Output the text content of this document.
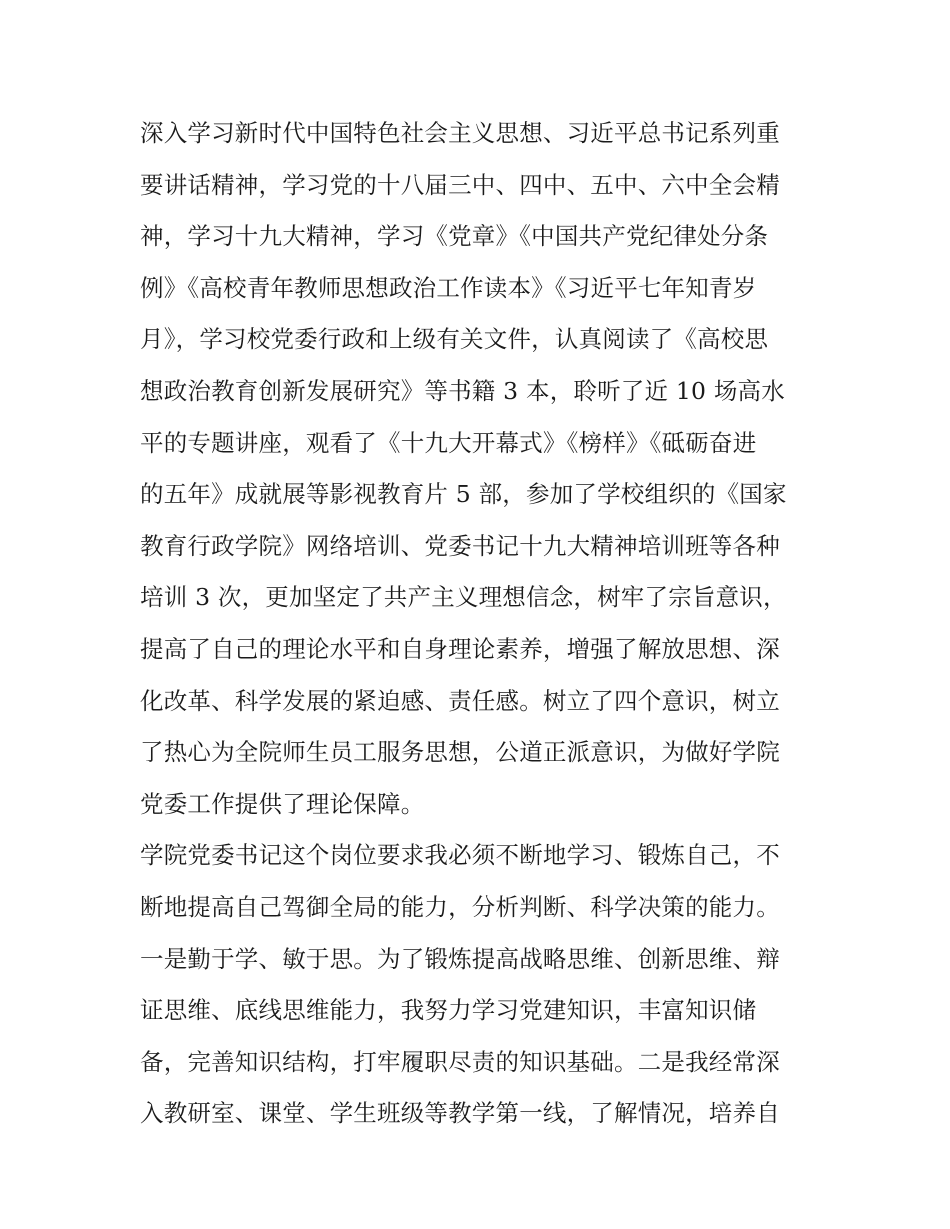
深入学习新时代中国特色社会主义思想、习近平总书记系列重
要讲话精神，学习党的十八届三中、四中、五中、六中全会精
神，学习十九大精神，学习《党章》《中国共产党纪律处分条
例》《高校青年教师思想政治工作读本》《习近平七年知青岁
月》，学习校党委行政和上级有关文件，认真阅读了《高校思
想政治教育创新发展研究》等书籍 3 本，聆听了近 10 场高水
平的专题讲座，观看了《十九大开幕式》《榜样》《砥砺奋进
的五年》成就展等影视教育片 5 部，参加了学校组织的《国家
教育行政学院》网络培训、党委书记十九大精神培训班等各种
培训 3 次，更加坚定了共产主义理想信念，树牢了宗旨意识，
提高了自己的理论水平和自身理论素养，增强了解放思想、深
化改革、科学发展的紧迫感、责任感。树立了四个意识，树立
了热心为全院师生员工服务思想，公道正派意识，为做好学院
党委工作提供了理论保障。
学院党委书记这个岗位要求我必须不断地学习、锻炼自己，不
断地提高自己驾御全局的能力，分析判断、科学决策的能力。
一是勤于学、敏于思。为了锻炼提高战略思维、创新思维、辩
证思维、底线思维能力，我努力学习党建知识，丰富知识储
备，完善知识结构，打牢履职尽责的知识基础。二是我经常深
入教研室、课堂、学生班级等教学第一线，了解情况，培养自
